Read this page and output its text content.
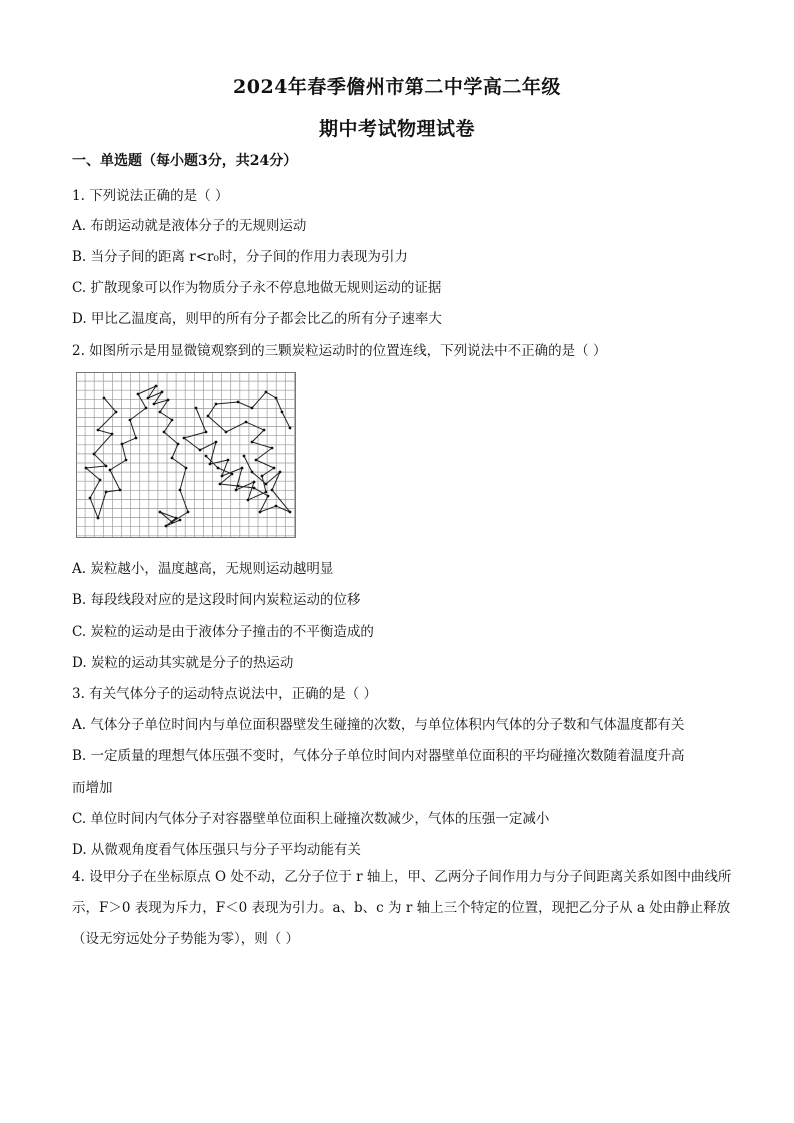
2024年春季儋州市第二中学高二年级
期中考试物理试卷
一、单选题（每小题3分，共24分）
1. 下列说法正确的是（ ）
A. 布朗运动就是液体分子的无规则运动
B. 当分子间的距离 r<r₀时，分子间的作用力表现为引力
C. 扩散现象可以作为物质分子永不停息地做无规则运动的证据
D. 甲比乙温度高，则甲的所有分子都会比乙的所有分子速率大
2. 如图所示是用显微镜观察到的三颗炭粒运动时的位置连线，下列说法中不正确的是（ ）
A. 炭粒越小，温度越高，无规则运动越明显
B. 每段线段对应的是这段时间内炭粒运动的位移
C. 炭粒的运动是由于液体分子撞击的不平衡造成的
D. 炭粒的运动其实就是分子的热运动
3. 有关气体分子的运动特点说法中，正确的是（ ）
A. 气体分子单位时间内与单位面积器壁发生碰撞的次数，与单位体积内气体的分子数和气体温度都有关
B. 一定质量的理想气体压强不变时，气体分子单位时间内对器壁单位面积的平均碰撞次数随着温度升高
而增加
C. 单位时间内气体分子对容器壁单位面积上碰撞次数减少，气体的压强一定减小
D. 从微观角度看气体压强只与分子平均动能有关
4. 设甲分子在坐标原点 O 处不动，乙分子位于 r 轴上，甲、乙两分子间作用力与分子间距离关系如图中曲线所示，F＞0 表现为斥力，F＜0 表现为引力。a、b、c 为 r 轴上三个特定的位置，现把乙分子从 a 处由静止释放（设无穷远处分子势能为零），则（ ）
